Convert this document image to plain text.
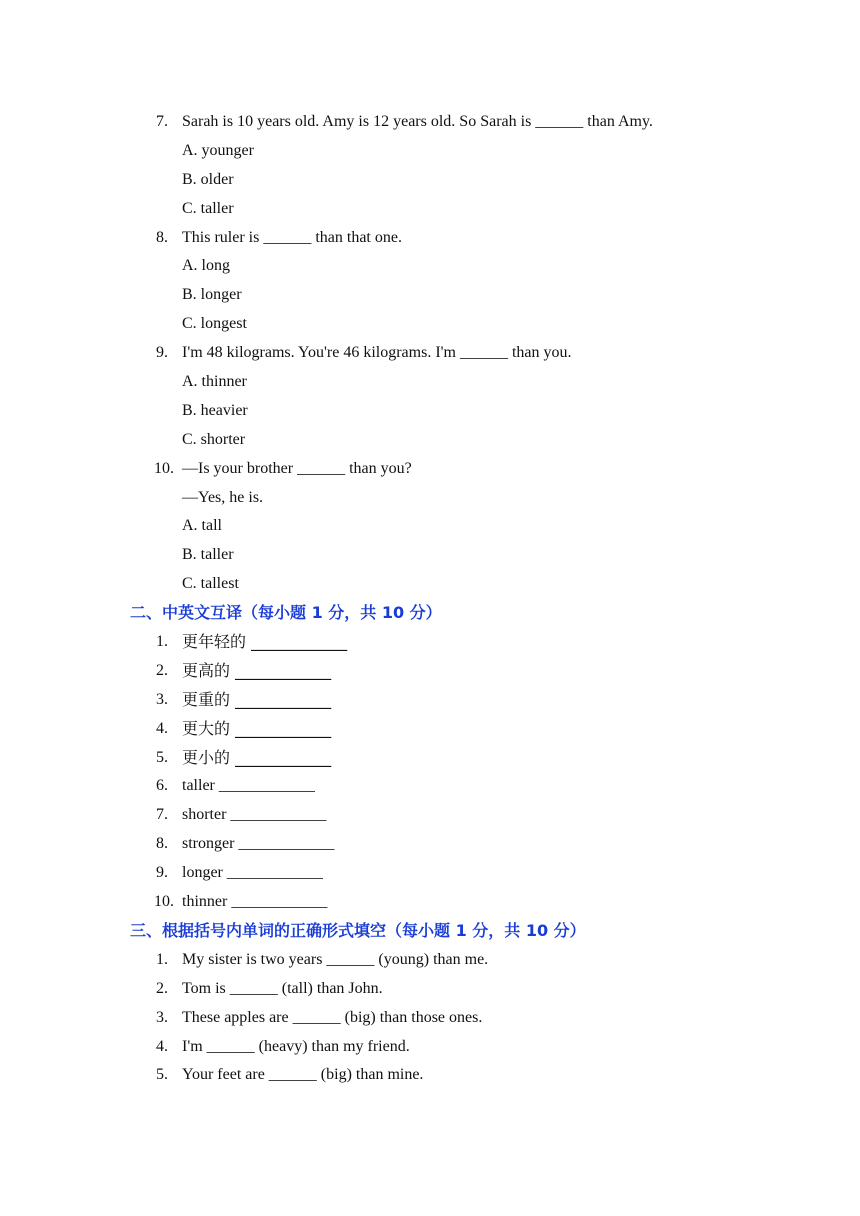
7. Sarah is 10 years old. Amy is 12 years old. So Sarah is ______ than Amy.
A. younger
B. older
C. taller
8. This ruler is ______ than that one.
A. long
B. longer
C. longest
9. I'm 48 kilograms. You're 46 kilograms. I'm ______ than you.
A. thinner
B. heavier
C. shorter
10. —Is your brother ______ than you?
—Yes, he is.
A. tall
B. taller
C. tallest
二、中英文互译（每小题 1 分，共 10 分）
1. 更年轻的 ____________
2. 更高的 ____________
3. 更重的 ____________
4. 更大的 ____________
5. 更小的 ____________
6. taller ____________
7. shorter ____________
8. stronger ____________
9. longer ____________
10. thinner ____________
三、根据括号内单词的正确形式填空（每小题 1 分，共 10 分）
1. My sister is two years ______ (young) than me.
2. Tom is ______ (tall) than John.
3. These apples are ______ (big) than those ones.
4. I'm ______ (heavy) than my friend.
5. Your feet are ______ (big) than mine.
